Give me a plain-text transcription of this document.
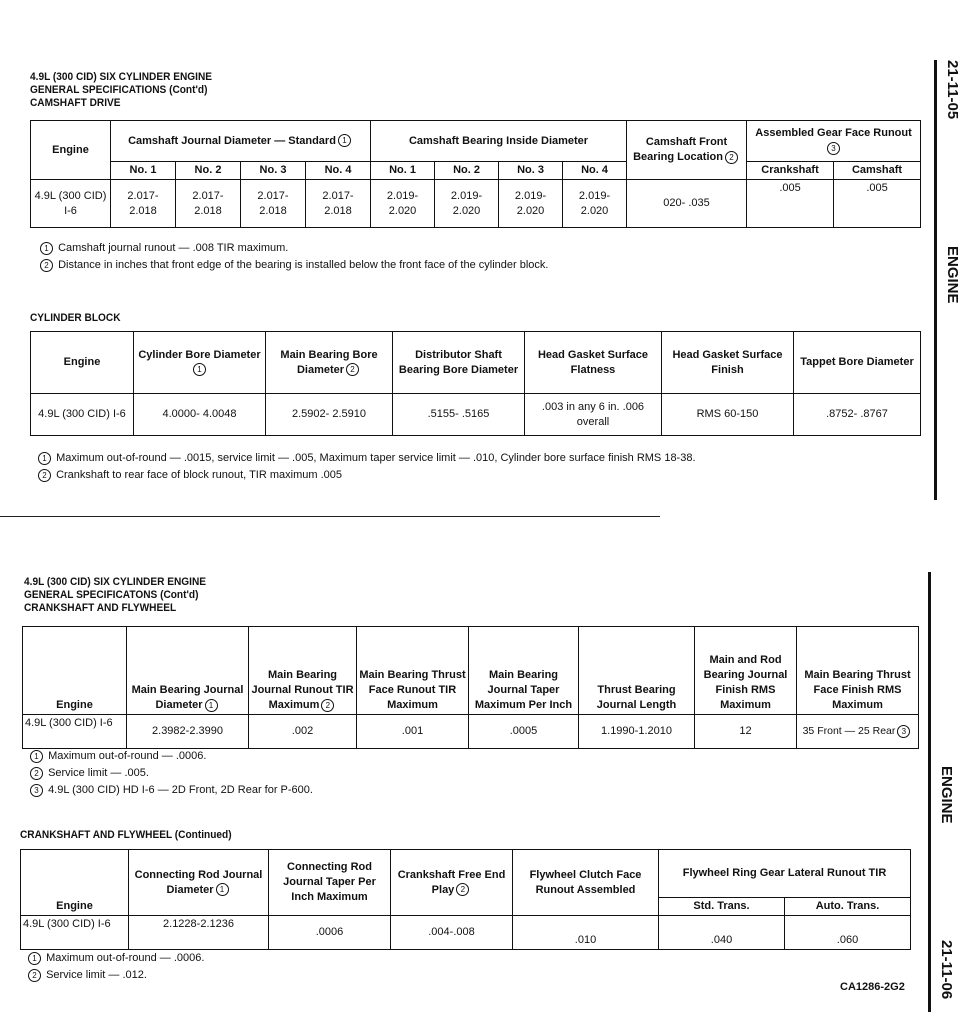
21-11-05
ENGINE
ENGINE
21-11-06
4.9L (300 CID) SIX CYLINDER ENGINE
GENERAL SPECIFICATIONS (Cont'd)
CAMSHAFT DRIVE
Engine	Camshaft Journal Diameter — Standard 1				Camshaft Bearing Inside Diameter				Camshaft Front Bearing Location 2	Assembled Gear Face Runout3	
	No. 1	No. 2	No. 3	No. 4	No. 1	No. 2	No. 3	No. 4		Crankshaft	Camshaft
4.9L (300 CID) I-6	2.017- 2.018	2.017- 2.018	2.017- 2.018	2.017- 2.018	2.019- 2.020	2.019- 2.020	2.019- 2.020	2.019- 2.020	020- .035	.005	.005
1 Camshaft journal runout — .008 TIR maximum.
2 Distance in inches that front edge of the bearing is installed below the front face of the cylinder block.
CYLINDER BLOCK
Engine	Cylinder Bore Diameter1	Main Bearing Bore Diameter 2	Distributor Shaft Bearing Bore Diameter	Head Gasket Surface Flatness	Head Gasket Surface Finish	Tappet Bore Diameter
4.9L (300 CID) I-6	4.0000- 4.0048	2.5902- 2.5910	.5155- .5165	.003 in any 6 in. .006 overall	RMS 60-150	.8752- .8767
1 Maximum out-of-round — .0015, service limit — .005, Maximum taper service limit — .010, Cylinder bore surface finish RMS 18-38.
2 Crankshaft to rear face of block runout, TIR maximum .005
4.9L (300 CID) SIX CYLINDER ENGINE
GENERAL SPECIFICATONS (Cont'd)
CRANKSHAFT AND FLYWHEEL
Engine	Main Bearing Journal Diameter 1	Main Bearing Journal Runout TIR Maximum 2	Main Bearing Thrust Face Runout TIR Maximum	Main Bearing Journal Taper Maximum Per Inch	Thrust Bearing Journal Length	Main and Rod Bearing Journal Finish RMS Maximum	Main Bearing Thrust Face Finish RMS Maximum
4.9L (300 CID) I-6	2.3982-2.3990	.002	.001	.0005	1.1990-1.2010	12	35 Front — 25 Rear 3
1 Maximum out-of-round — .0006.
2 Service limit — .005.
3 4.9L (300 CID) HD I-6 — 2D Front, 2D Rear for P-600.
CRANKSHAFT AND FLYWHEEL (Continued)
Engine	Connecting Rod Journal Diameter 1	Connecting Rod Journal Taper Per Inch Maximum	Crankshaft Free End Play 2	Flywheel Clutch Face Runout Assembled	Flywheel Ring Gear Lateral Runout TIR	
					Std. Trans.	Auto. Trans.
4.9L (300 CID) I-6	2.1228-2.1236	.0006	.004-.008	.010	.040	.060
1 Maximum out-of-round — .0006.
2 Service limit — .012.
CA1286-2G2
